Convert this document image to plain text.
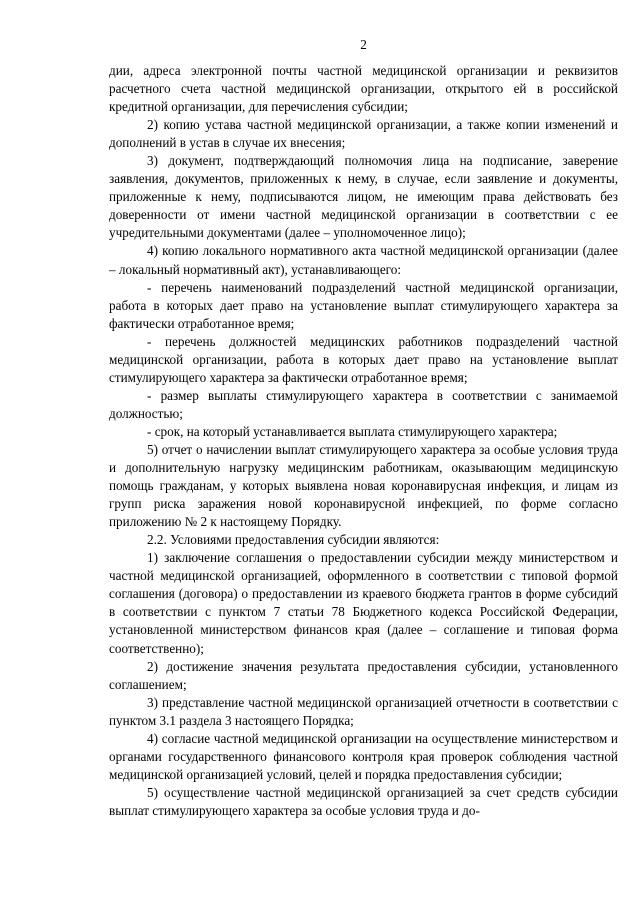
2

дии, адреса электронной почты частной медицинской организации и реквизитов расчетного счета частной медицинской организации, открытого ей в российской кредитной организации, для перечисления субсидии;

2) копию устава частной медицинской организации, а также копии изменений и дополнений в устав в случае их внесения;

3) документ, подтверждающий полномочия лица на подписание, заверение заявления, документов, приложенных к нему, в случае, если заявление и документы, приложенные к нему, подписываются лицом, не имеющим права действовать без доверенности от имени частной медицинской организации в соответствии с ее учредительными документами (далее – уполномоченное лицо);

4) копию локального нормативного акта частной медицинской организации (далее – локальный нормативный акт), устанавливающего:

- перечень наименований подразделений частной медицинской организации, работа в которых дает право на установление выплат стимулирующего характера за фактически отработанное время;

- перечень должностей медицинских работников подразделений частной медицинской организации, работа в которых дает право на установление выплат стимулирующего характера за фактически отработанное время;

- размер выплаты стимулирующего характера в соответствии с занимаемой должностью;

- срок, на который устанавливается выплата стимулирующего характера;

5) отчет о начислении выплат стимулирующего характера за особые условия труда и дополнительную нагрузку медицинским работникам, оказывающим медицинскую помощь гражданам, у которых выявлена новая коронавирусная инфекция, и лицам из групп риска заражения новой коронавирусной инфекцией, по форме согласно приложению № 2 к настоящему Порядку.

2.2. Условиями предоставления субсидии являются:

1) заключение соглашения о предоставлении субсидии между министерством и частной медицинской организацией, оформленного в соответствии с типовой формой соглашения (договора) о предоставлении из краевого бюджета грантов в форме субсидий в соответствии с пунктом 7 статьи 78 Бюджетного кодекса Российской Федерации, установленной министерством финансов края (далее – соглашение и типовая форма соответственно);

2) достижение значения результата предоставления субсидии, установленного соглашением;

3) представление частной медицинской организацией отчетности в соответствии с пунктом 3.1 раздела 3 настоящего Порядка;

4) согласие частной медицинской организации на осуществление министерством и органами государственного финансового контроля края проверок соблюдения частной медицинской организацией условий, целей и порядка предоставления субсидии;

5) осуществление частной медицинской организацией за счет средств субсидии выплат стимулирующего характера за особые условия труда и до-
